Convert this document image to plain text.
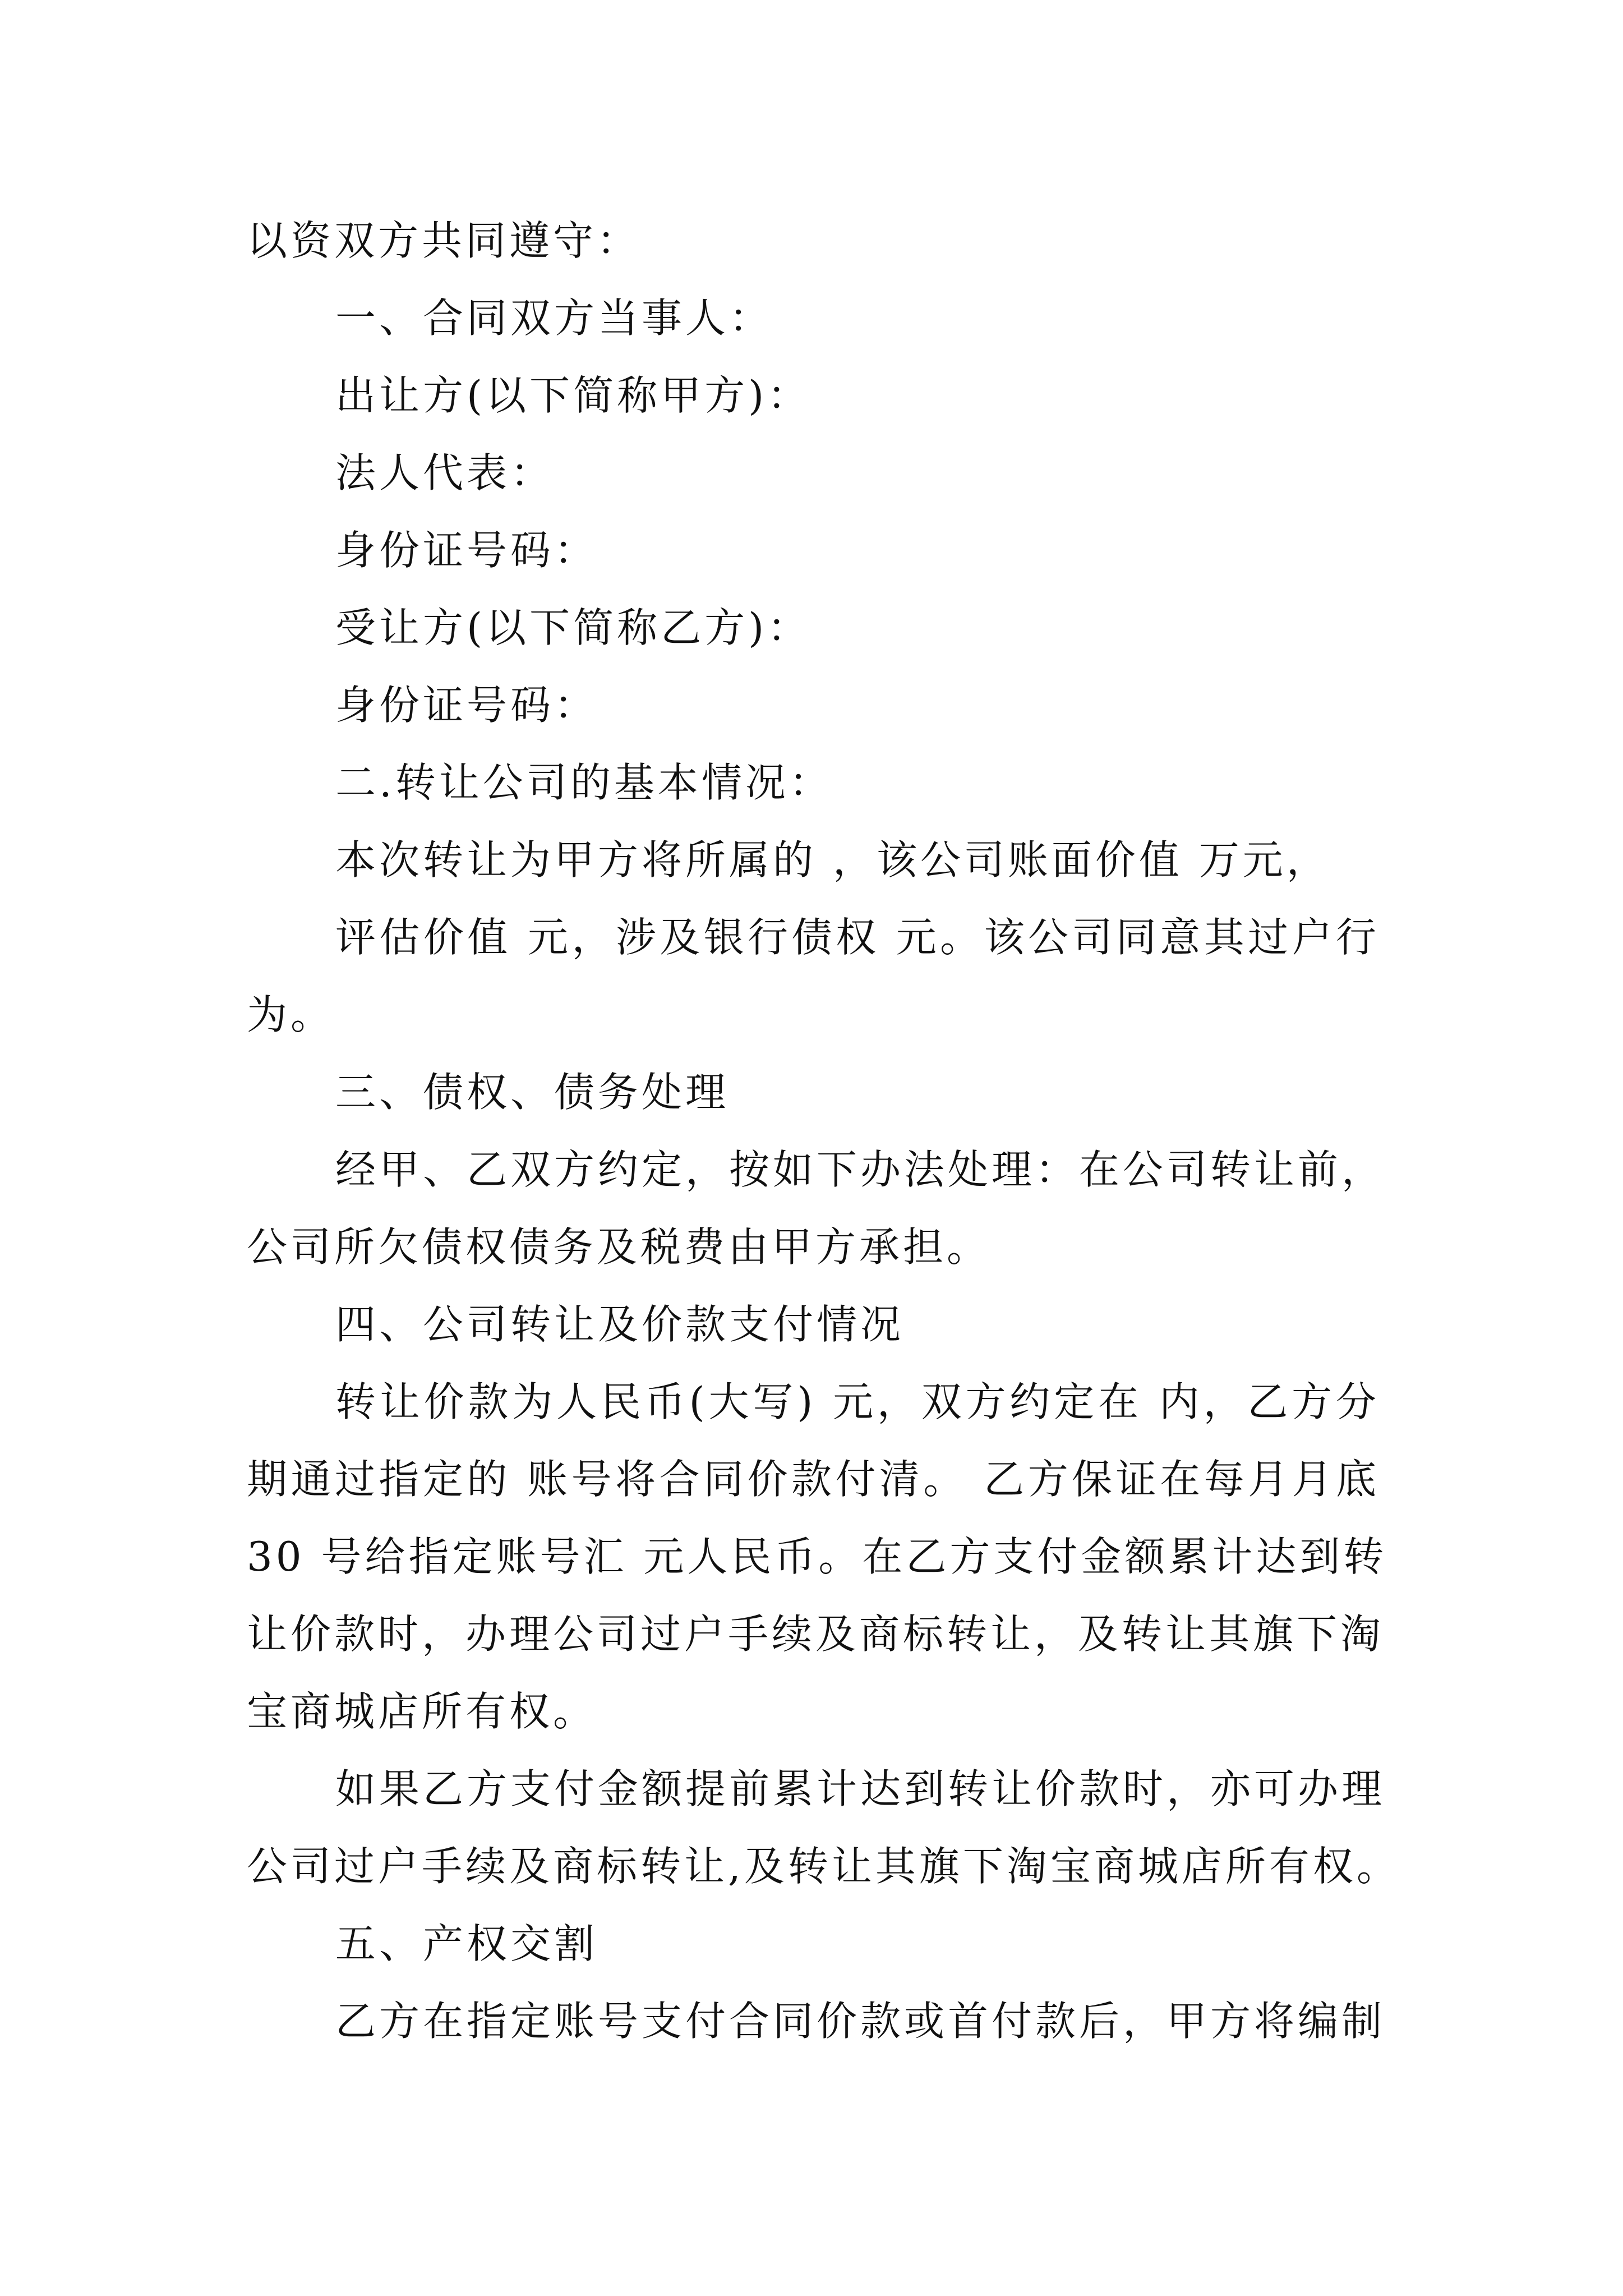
以资双方共同遵守：
一、合同双方当事人：
出让方(以下简称甲方)：
法人代表：
身份证号码：
受让方(以下简称乙方)：
身份证号码：
二.转让公司的基本情况：
本次转让为甲方将所属的 ，该公司账面价值 万元，
评估价值 元，涉及银行债权 元。该公司同意其过户行
为。
三、债权、债务处理
经甲、乙双方约定，按如下办法处理：在公司转让前，
公司所欠债权债务及税费由甲方承担。
四、公司转让及价款支付情况
转让价款为人民币(大写) 元，双方约定在 内，乙方分
期通过指定的 账号将合同价款付清。 乙方保证在每月月底
30 号给指定账号汇 元人民币。在乙方支付金额累计达到转
让价款时，办理公司过户手续及商标转让，及转让其旗下淘
宝商城店所有权。
如果乙方支付金额提前累计达到转让价款时，亦可办理
公司过户手续及商标转让,及转让其旗下淘宝商城店所有权。
五、产权交割
乙方在指定账号支付合同价款或首付款后，甲方将编制
